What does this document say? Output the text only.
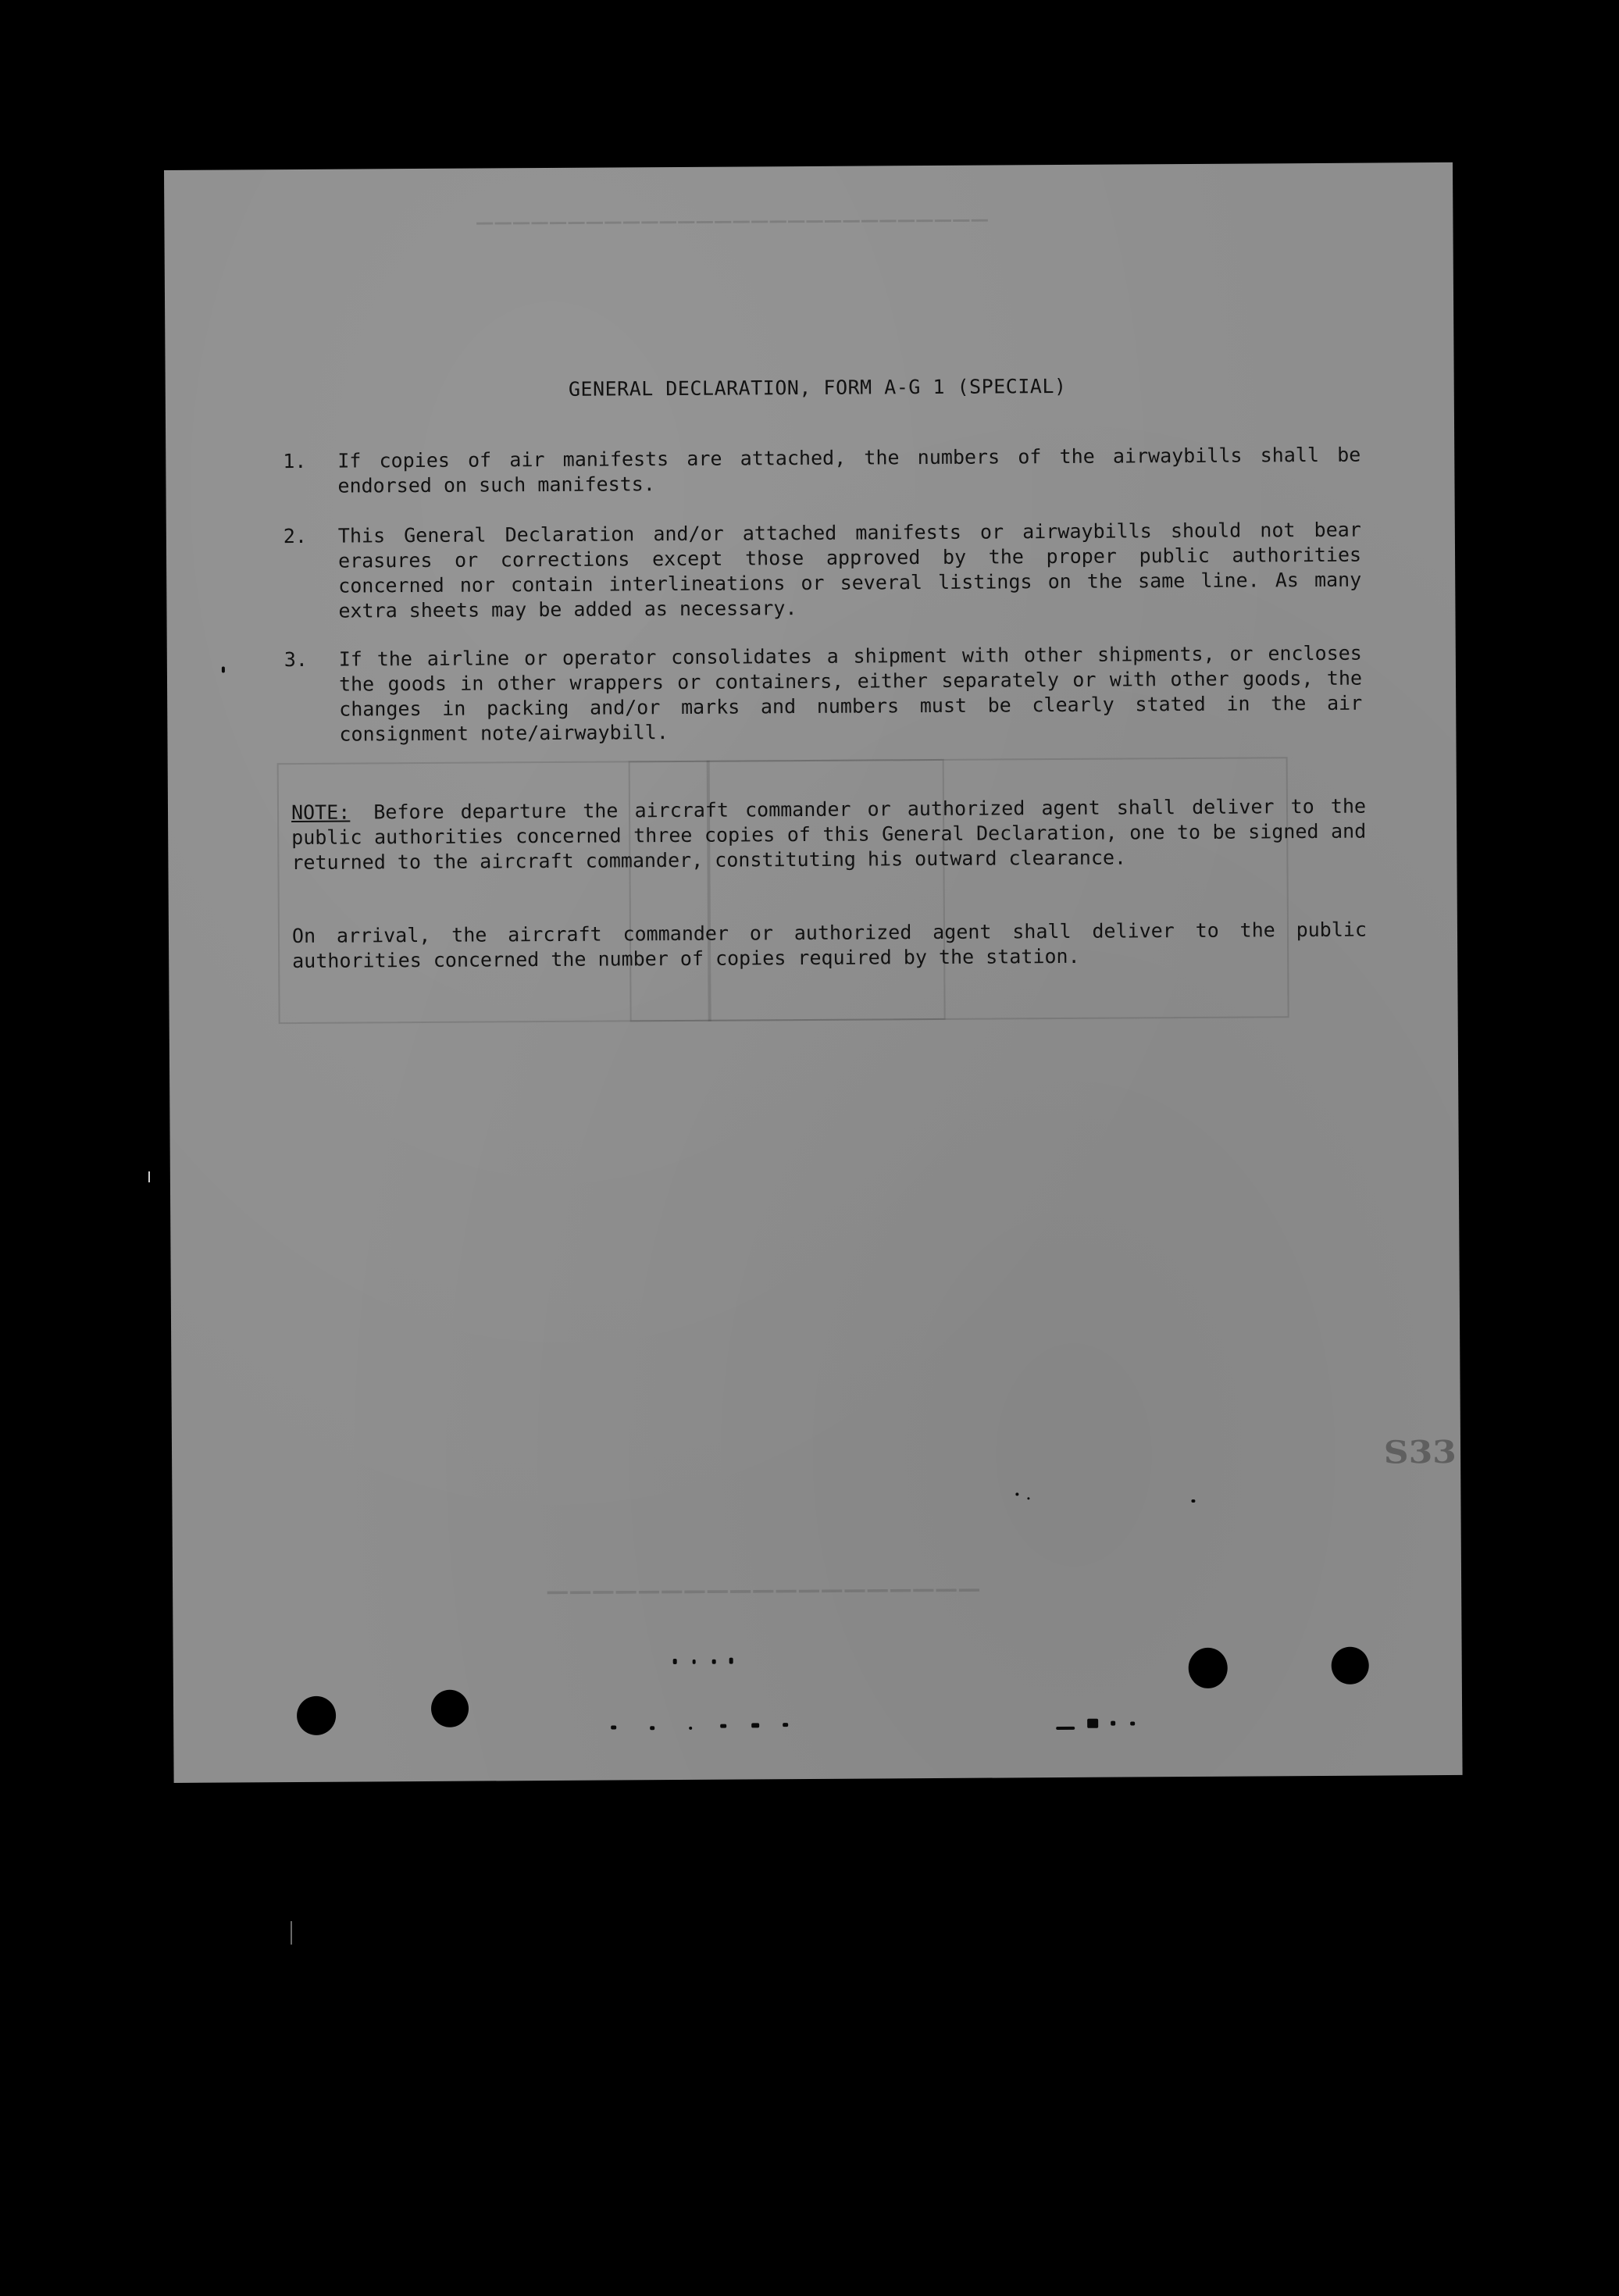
────────────────────────────
───────────────────
GENERAL DECLARATION, FORM A-G 1 (SPECIAL)
1.	If copies of air manifests are attached, the numbers of the airwaybills shall be endorsed on such manifests.
2.	This General Declaration and/or attached manifests or airwaybills should not bear erasures or corrections except those approved by the proper public authorities concerned nor contain interlineations or several listings on the same line. As many extra sheets may be added as necessary.
3.	If the airline or operator consolidates a shipment with other shipments, or encloses the goods in other wrappers or containers, either separately or with other goods, the changes in packing and/or marks and numbers must be clearly stated in the air consignment note/airwaybill.
NOTE: Before departure the aircraft commander or authorized agent shall deliver to the public authorities concerned three copies of this General Declaration, one to be signed and returned to the aircraft commander, constituting his outward clearance.
On arrival, the aircraft commander or authorized agent shall deliver to the public authorities concerned the number of copies required by the station.
S33
